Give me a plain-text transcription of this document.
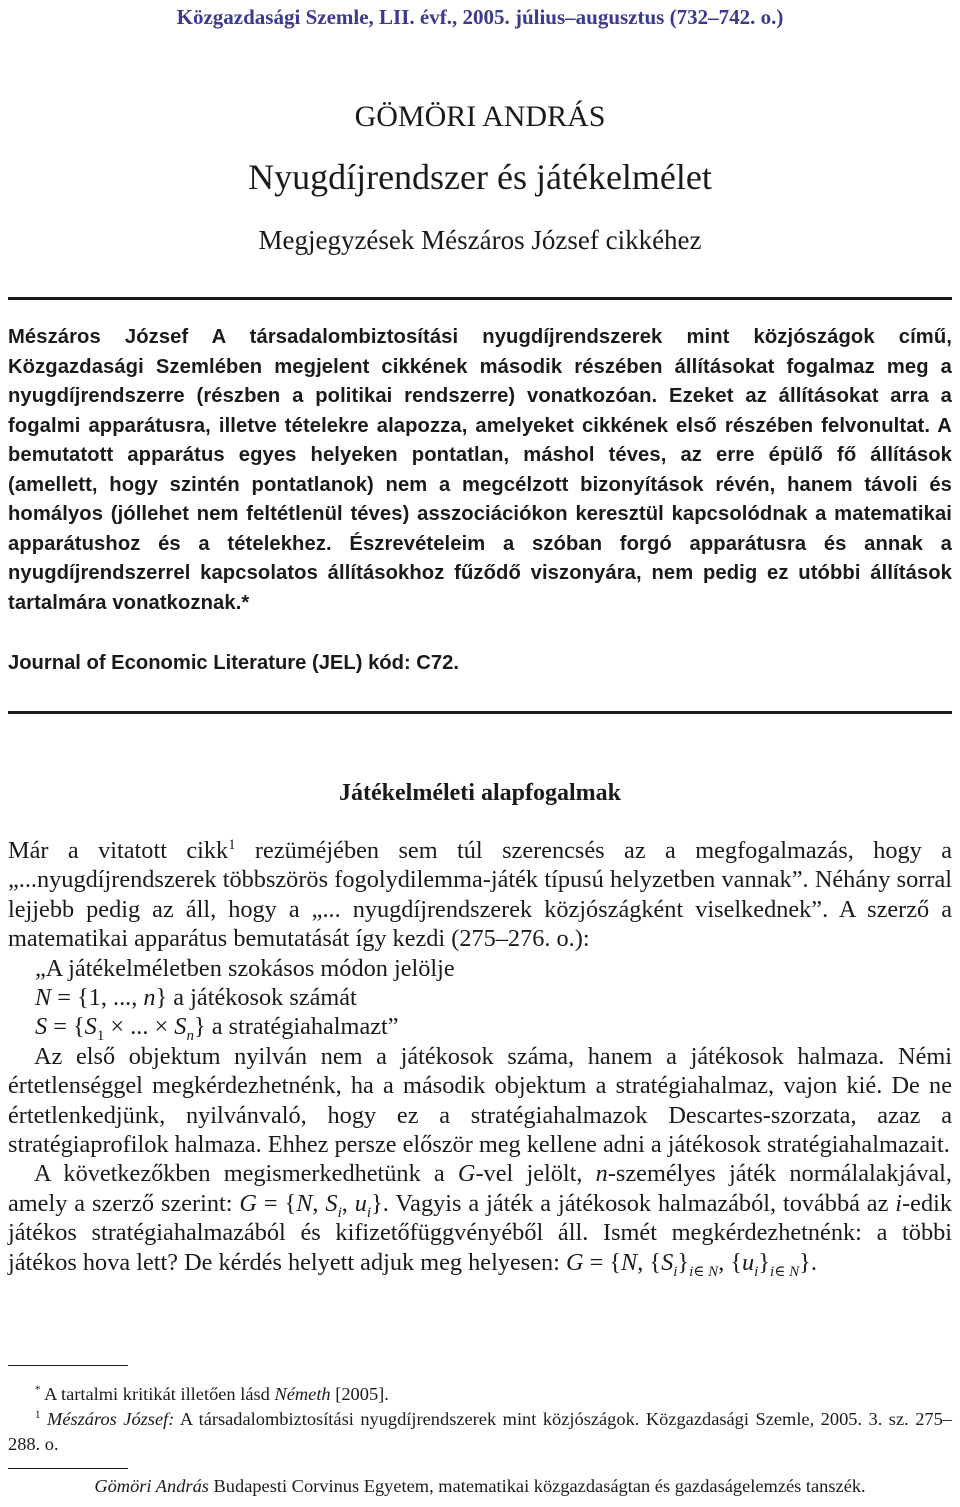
Közgazdasági Szemle, LII. évf., 2005. július–augusztus (732–742. o.)
GÖMÖRI ANDRÁS
Nyugdíjrendszer és játékelmélet
Megjegyzések Mészáros József cikkéhez

Mészáros József A társadalombiztosítási nyugdíjrendszerek mint közjószágok című, Közgazdasági Szemlében megjelent cikkének második részében állításokat fogalmaz meg a nyugdíjrendszerre (részben a politikai rendszerre) vonatkozóan. Ezeket az állításokat arra a fogalmi apparátusra, illetve tételekre alapozza, amelyeket cikkének első részében felvonultat. A bemutatott apparátus egyes helyeken pontatlan, máshol téves, az erre épülő fő állítások (amellett, hogy szintén pontatlanok) nem a megcélzott bizonyítások révén, hanem távoli és homályos (jóllehet nem feltétlenül téves) asszociációkon keresztül kapcsolódnak a matematikai apparátushoz és a tételekhez. Észrevételeim a szóban forgó apparátusra és annak a nyugdíjrendszerrel kapcsolatos állításokhoz fűződő viszonyára, nem pedig ez utóbbi állítások tartalmára vonatkoznak.*

Journal of Economic Literature (JEL) kód: C72.
Játékelméleti alapfogalmak

Már a vitatott cikk$^1$ rezüméjében sem túl szerencsés az a megfogalmazás, hogy a „...nyugdíjrendszerek többszörös fogolydilemma-játék típusú helyzetben vannak”. Néhány sorral lejjebb pedig az áll, hogy a „... nyugdíjrendszerek közjószágként viselkednek”. A szerző a matematikai apparátus bemutatását így kezdi (275–276. o.):

„A játékelméletben szokásos módon jelölje

N = {1, ..., n} a játékosok számát

$S = \{S_1$ × ... × $S_n$} a stratégiahalmazt”

Az első objektum nyilván nem a játékosok száma, hanem a játékosok halmaza. Némi értetlenséggel megkérdezhetnénk, ha a második objektum a stratégiahalmaz, vajon kié. De ne értetlenkedjünk, nyilvánvaló, hogy ez a stratégiahalmazok Descartes-szorzata, azaz a stratégiaprofilok halmaza. Ehhez persze először meg kellene adni a játékosok stratégiahalmazait.

A következőkben megismerkedhetünk a G-vel jelölt, n-személyes játék normálalakjával, amely a szerző szerint: G = {N, $S_i$, $u_i$}. Vagyis a játék a játékosok halmazából, továbbá az i-edik játékos stratégiahalmazából és kifizetőfüggvényéből áll. Ismét megkérdezhetnénk: a többi játékos hova lett? De kérdés helyett adjuk meg helyesen: G = {N, $\{S_i\}_{i\in N}$, $\{u_i\}_{i\in N}$}.

* A tartalmi kritikát illetően lásd Németh [2005].

$^1$ Mészáros József: A társadalombiztosítási nyugdíjrendszerek mint közjószágok. Közgazdasági Szemle, 2005. 3. sz. 275–288. o.

Gömöri András Budapesti Corvinus Egyetem, matematikai közgazdaságtan és gazdaságelemzés tanszék.
